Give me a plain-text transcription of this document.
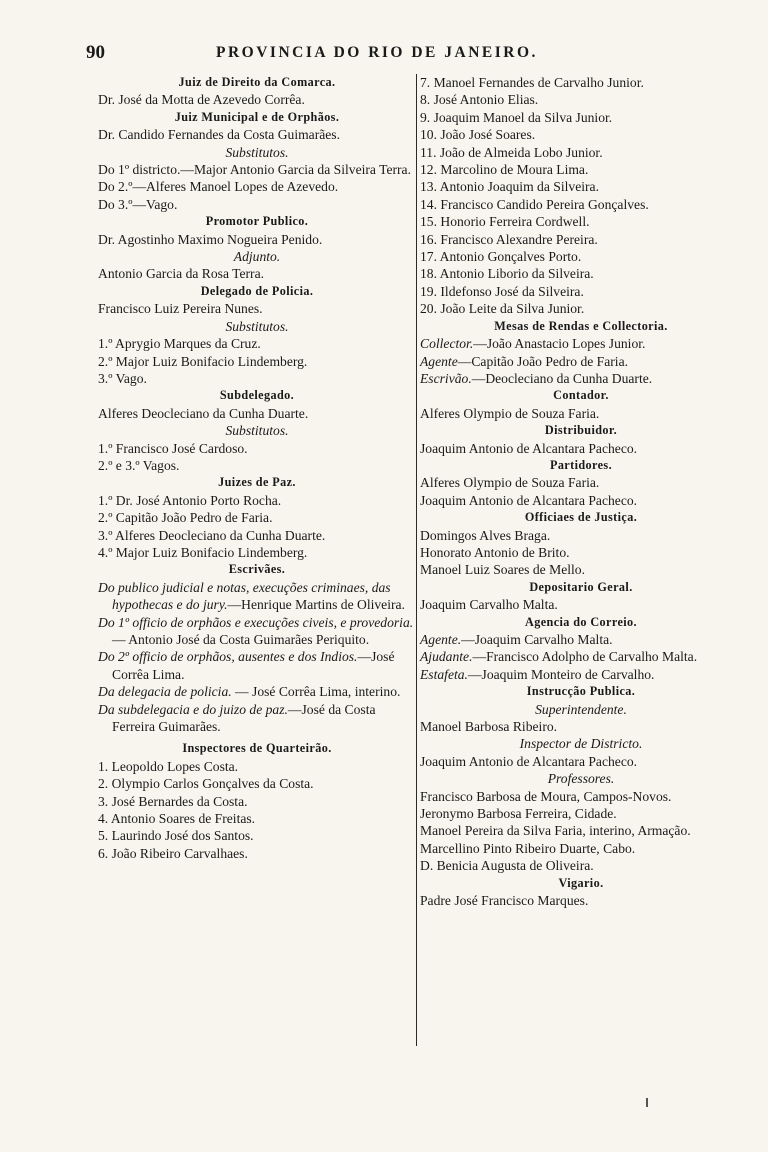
90	PROVINCIA DO RIO DE JANEIRO.

Juiz de Direito da Comarca.

Dr. José da Motta de Azevedo Corrêa.

Juiz Municipal e de Orphãos.

Dr. Candido Fernandes da Costa Guimarães.

Substitutos.

Do 1º districto.—Major Antonio Garcia da Silveira Terra.

Do 2.º—Alferes Manoel Lopes de Azevedo.

Do 3.º—Vago.

Promotor Publico.

Dr. Agostinho Maximo Nogueira Penido.

Adjunto.

Antonio Garcia da Rosa Terra.

Delegado de Policia.

Francisco Luiz Pereira Nunes.

Substitutos.

1.º Aprygio Marques da Cruz.

2.º Major Luiz Bonifacio Lindemberg.

3.º Vago.

Subdelegado.

Alferes Deocleciano da Cunha Duarte.

Substitutos.

1.º Francisco José Cardoso.

2.º e 3.º Vagos.

Juizes de Paz.

1.º Dr. José Antonio Porto Rocha.

2.º Capitão João Pedro de Faria.

3.º Alferes Deocleciano da Cunha Duarte.

4.º Major Luiz Bonifacio Lindemberg.

Escrivães.

Do publico judicial e notas, execuções criminaes, das hypothecas e do jury.—Henrique Martins de Oliveira.

Do 1º officio de orphãos e execuções civeis, e provedoria.— Antonio José da Costa Guimarães Periquito.

Do 2º officio de orphãos, ausentes e dos Indios.—José Corrêa Lima.

Da delegacia de policia. — José Corrêa Lima, interino.

Da subdelegacia e do juizo de paz.—José da Costa Ferreira Guimarães.

Inspectores de Quarteirão.

1. Leopoldo Lopes Costa.

2. Olympio Carlos Gonçalves da Costa.

3. José Bernardes da Costa.

4. Antonio Soares de Freitas.

5. Laurindo José dos Santos.

6. João Ribeiro Carvalhaes.

7. Manoel Fernandes de Carvalho Junior.

8. José Antonio Elias.

9. Joaquim Manoel da Silva Junior.

10. João José Soares.

11. João de Almeida Lobo Junior.

12. Marcolino de Moura Lima.

13. Antonio Joaquim da Silveira.

14. Francisco Candido Pereira Gonçalves.

15. Honorio Ferreira Cordwell.

16. Francisco Alexandre Pereira.

17. Antonio Gonçalves Porto.

18. Antonio Liborio da Silveira.

19. Ildefonso José da Silveira.

20. João Leite da Silva Junior.

Mesas de Rendas e Collectoria.

Collector.—João Anastacio Lopes Junior.

Agente—Capitão João Pedro de Faria.

Escrivão.—Deocleciano da Cunha Duarte.

Contador.

Alferes Olympio de Souza Faria.

Distribuidor.

Joaquim Antonio de Alcantara Pacheco.

Partidores.

Alferes Olympio de Souza Faria.

Joaquim Antonio de Alcantara Pacheco.

Officiaes de Justiça.

Domingos Alves Braga.

Honorato Antonio de Brito.

Manoel Luiz Soares de Mello.

Depositario Geral.

Joaquim Carvalho Malta.

Agencia do Correio.

Agente.—Joaquim Carvalho Malta.

Ajudante.—Francisco Adolpho de Carvalho Malta.

Estafeta.—Joaquim Monteiro de Carvalho.

Instrucção Publica.

Superintendente.

Manoel Barbosa Ribeiro.

Inspector de Districto.

Joaquim Antonio de Alcantara Pacheco.

Professores.

Francisco Barbosa de Moura, Campos-Novos.

Jeronymo Barbosa Ferreira, Cidade.

Manoel Pereira da Silva Faria, interino, Armação.

Marcellino Pinto Ribeiro Duarte, Cabo.

D. Benicia Augusta de Oliveira.

Vigario.

Padre José Francisco Marques.
